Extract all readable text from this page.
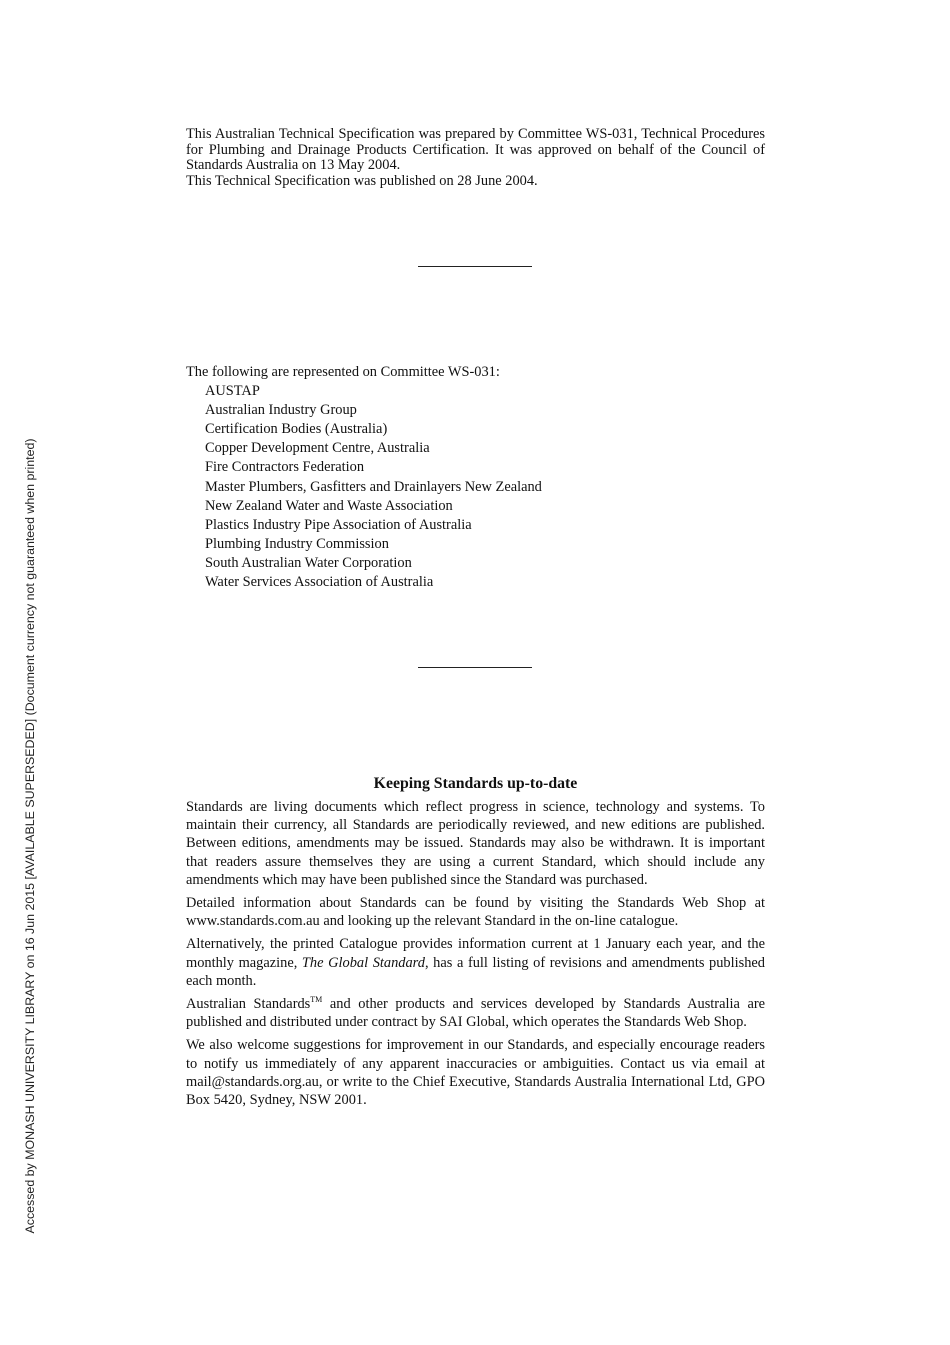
Accessed by MONASH UNIVERSITY LIBRARY on 16 Jun 2015 [AVAILABLE SUPERSEDED] (Document currency not guaranteed when printed)

This Australian Technical Specification was prepared by Committee WS-031, Technical Procedures for Plumbing and Drainage Products Certification. It was approved on behalf of the Council of Standards Australia on 13 May 2004.

This Technical Specification was published on 28 June 2004.

The following are represented on Committee WS-031:

AUSTAP
Australian Industry Group
Certification Bodies (Australia)
Copper Development Centre, Australia
Fire Contractors Federation
Master Plumbers, Gasfitters and Drainlayers New Zealand
New Zealand Water and Waste Association
Plastics Industry Pipe Association of Australia
Plumbing Industry Commission
South Australian Water Corporation
Water Services Association of Australia
Keeping Standards up-to-date

Standards are living documents which reflect progress in science, technology and systems. To maintain their currency, all Standards are periodically reviewed, and new editions are published. Between editions, amendments may be issued. Standards may also be withdrawn. It is important that readers assure themselves they are using a current Standard, which should include any amendments which may have been published since the Standard was purchased.

Detailed information about Standards can be found by visiting the Standards Web Shop at www.standards.com.au and looking up the relevant Standard in the on-line catalogue.

Alternatively, the printed Catalogue provides information current at 1 January each year, and the monthly magazine, The Global Standard, has a full listing of revisions and amendments published each month.

Australian Standards™ and other products and services developed by Standards Australia are published and distributed under contract by SAI Global, which operates the Standards Web Shop.

We also welcome suggestions for improvement in our Standards, and especially encourage readers to notify us immediately of any apparent inaccuracies or ambiguities. Contact us via email at mail@standards.org.au, or write to the Chief Executive, Standards Australia International Ltd, GPO Box 5420, Sydney, NSW 2001.
